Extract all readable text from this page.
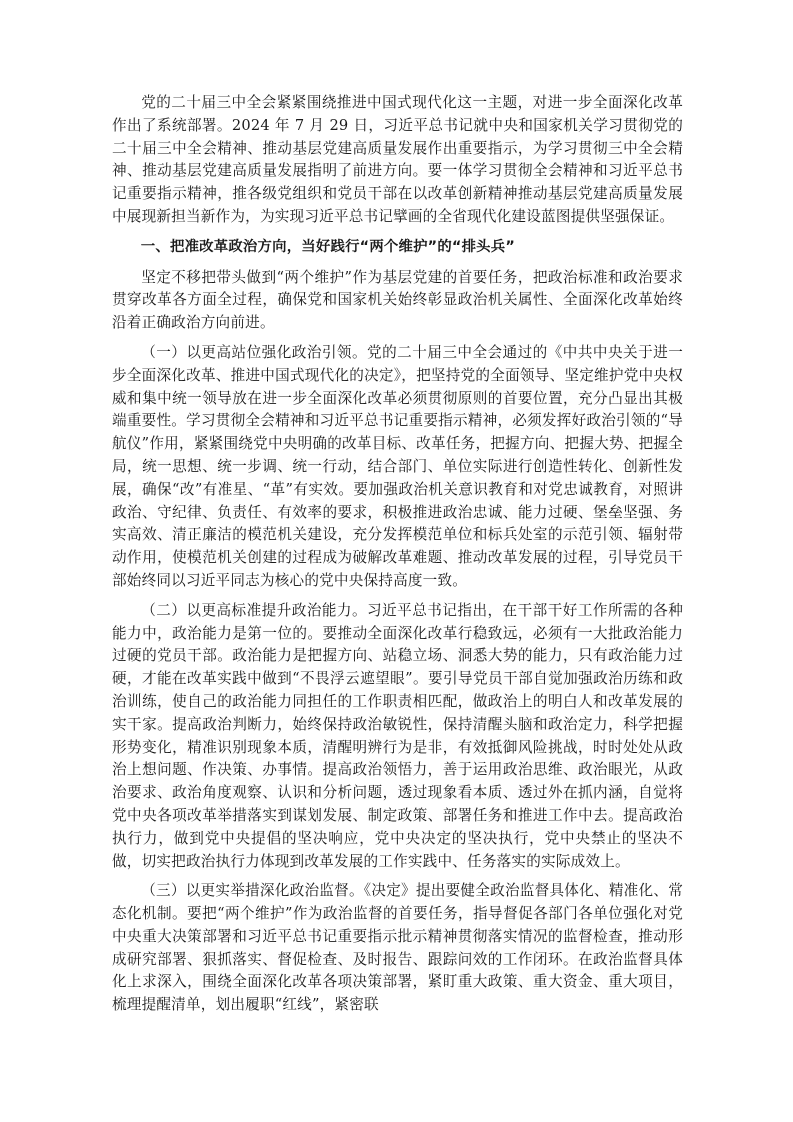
党的二十届三中全会紧紧围绕推进中国式现代化这一主题，对进一步全面深化改革作出了系统部署。2024 年 7 月 29 日，习近平总书记就中央和国家机关学习贯彻党的二十届三中全会精神、推动基层党建高质量发展作出重要指示，为学习贯彻三中全会精神、推动基层党建高质量发展指明了前进方向。要一体学习贯彻全会精神和习近平总书记重要指示精神，推各级党组织和党员干部在以改革创新精神推动基层党建高质量发展中展现新担当新作为，为实现习近平总书记擘画的全省现代化建设蓝图提供坚强保证。

一、把准改革政治方向，当好践行“两个维护”的“排头兵”

坚定不移把带头做到“两个维护”作为基层党建的首要任务，把政治标准和政治要求贯穿改革各方面全过程，确保党和国家机关始终彰显政治机关属性、全面深化改革始终沿着正确政治方向前进。

（一）以更高站位强化政治引领。党的二十届三中全会通过的《中共中央关于进一步全面深化改革、推进中国式现代化的决定》，把坚持党的全面领导、坚定维护党中央权威和集中统一领导放在进一步全面深化改革必须贯彻原则的首要位置，充分凸显出其极端重要性。学习贯彻全会精神和习近平总书记重要指示精神，必须发挥好政治引领的“导航仪”作用，紧紧围绕党中央明确的改革目标、改革任务，把握方向、把握大势、把握全局，统一思想、统一步调、统一行动，结合部门、单位实际进行创造性转化、创新性发展，确保“改”有准星、“革”有实效。要加强政治机关意识教育和对党忠诚教育，对照讲政治、守纪律、负责任、有效率的要求，积极推进政治忠诚、能力过硬、堡垒坚强、务实高效、清正廉洁的模范机关建设，充分发挥模范单位和标兵处室的示范引领、辐射带动作用，使模范机关创建的过程成为破解改革难题、推动改革发展的过程，引导党员干部始终同以习近平同志为核心的党中央保持高度一致。

（二）以更高标准提升政治能力。习近平总书记指出，在干部干好工作所需的各种能力中，政治能力是第一位的。要推动全面深化改革行稳致远，必须有一大批政治能力过硬的党员干部。政治能力是把握方向、站稳立场、洞悉大势的能力，只有政治能力过硬，才能在改革实践中做到“不畏浮云遮望眼”。要引导党员干部自觉加强政治历练和政治训练，使自己的政治能力同担任的工作职责相匹配，做政治上的明白人和改革发展的实干家。提高政治判断力，始终保持政治敏锐性，保持清醒头脑和政治定力，科学把握形势变化，精准识别现象本质，清醒明辨行为是非，有效抵御风险挑战，时时处处从政治上想问题、作决策、办事情。提高政治领悟力，善于运用政治思维、政治眼光，从政治要求、政治角度观察、认识和分析问题，透过现象看本质、透过外在抓内涵，自觉将党中央各项改革举措落实到谋划发展、制定政策、部署任务和推进工作中去。提高政治执行力，做到党中央提倡的坚决响应，党中央决定的坚决执行，党中央禁止的坚决不做，切实把政治执行力体现到改革发展的工作实践中、任务落实的实际成效上。

（三）以更实举措深化政治监督。《决定》提出要健全政治监督具体化、精准化、常态化机制。要把“两个维护”作为政治监督的首要任务，指导督促各部门各单位强化对党中央重大决策部署和习近平总书记重要指示批示精神贯彻落实情况的监督检查，推动形成研究部署、狠抓落实、督促检查、及时报告、跟踪问效的工作闭环。在政治监督具体化上求深入，围绕全面深化改革各项决策部署，紧盯重大政策、重大资金、重大项目，梳理提醒清单，划出履职“红线”，紧密联
